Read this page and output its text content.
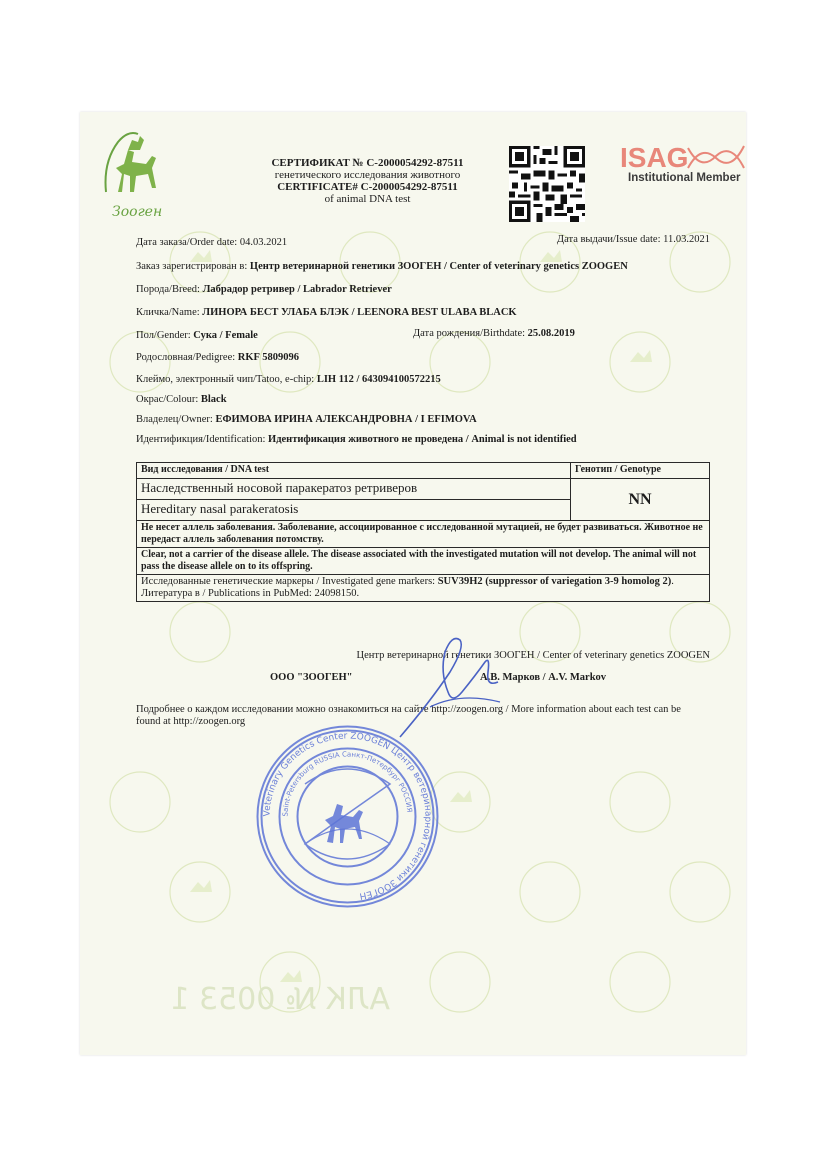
Зооген
СЕРТИФИКАТ № С-2000054292-87511
генетического исследования животного
CERTIFICATE# C-2000054292-87511
of animal DNA test
ISAG
Institutional Member
Дата заказа/Order date: 04.03.2021	Дата выдачи/Issue date: 11.03.2021
Заказ зарегистрирован в: Центр ветеринарной генетики ЗООГЕН / Center of veterinary genetics ZOOGEN
Порода/Breed: Лабрадор ретривер / Labrador Retriever
Кличка/Name: ЛИНОРА БЕСТ УЛАБА БЛЭК / LEENORA BEST ULABA BLACK
Пол/Gender: Сука / Female	Дата рождения/Birthdate: 25.08.2019
Родословная/Pedigree: RKF 5809096
Клеймо, электронный чип/Tatoo, e-chip: LIH 112 / 643094100572215
Окрас/Colour: Black
Владелец/Owner: ЕФИМОВА ИРИНА АЛЕКСАНДРОВНА / I EFIMOVA
Идентификция/Identification: Идентификация животного не проведена / Animal is not identified
Вид исследования / DNA test	Генотип / Genotype
Наследственный носовой паракератоз ретриверов	NN
Hereditary nasal parakeratosis	
Не несет аллель заболевания. Заболевание, ассоциированное с исследованной мутацией, не будет развиваться. Животное не передаст аллель заболевания потомству.	
Clear, not a carrier of the disease allele. The disease associated with the investigated mutation will not develop. The animal will not pass the disease allele on to its offspring.	
Исследованные генетические маркеры / Investigated gene markers: SUV39H2 (suppressor of variegation 3-9 homolog 2). Литература в / Publications in PubMed: 24098150.	
Центр ветеринарной генетики ЗООГЕН / Center of veterinary genetics ZOOGEN
ООО "ЗООГЕН"	А.В. Марков / A.V. Markov
Подробнее о каждом исследовании можно ознакомиться на сайте http://zoogen.org / More information about each test can be found at http://zoogen.org
Veterinary Genetics Center ZOOGEN Центр ветеринарной генетики ЗООГЕН
Saint-Petersburg RUSSIA Санкт-Петербург РОССИЯ
АЛК № 0053 1
